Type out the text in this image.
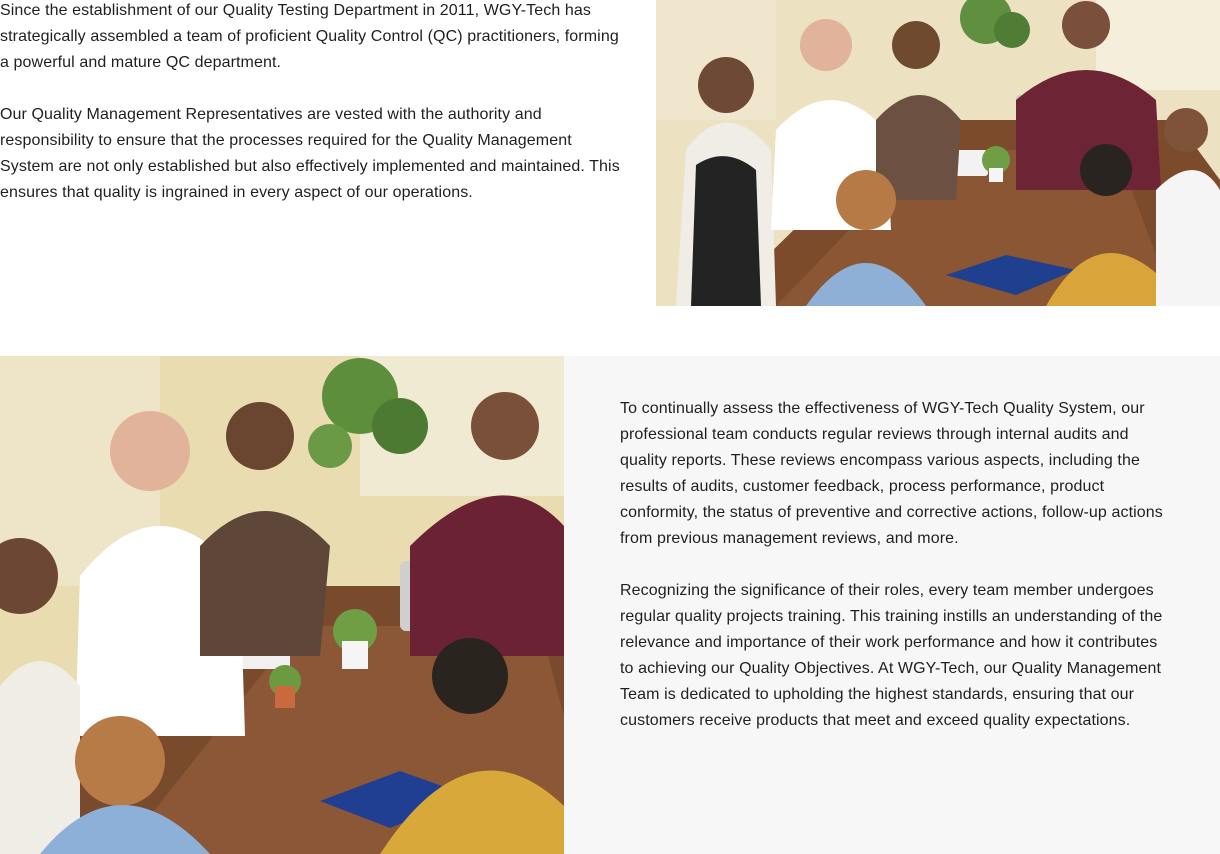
Since the establishment of our Quality Testing Department in 2011, WGY-Tech has strategically assembled a team of proficient Quality Control (QC) practitioners, forming a powerful and mature QC department.

Our Quality Management Representatives are vested with the authority and responsibility to ensure that the processes required for the Quality Management System are not only established but also effectively implemented and maintained. This ensures that quality is ingrained in every aspect of our operations.

To continually assess the effectiveness of WGY-Tech Quality System, our professional team conducts regular reviews through internal audits and quality reports. These reviews encompass various aspects, including the results of audits, customer feedback, process performance, product conformity, the status of preventive and corrective actions, follow-up actions from previous management reviews, and more.

Recognizing the significance of their roles, every team member undergoes regular quality projects training. This training instills an understanding of the relevance and importance of their work performance and how it contributes to achieving our Quality Objectives. At WGY-Tech, our Quality Management Team is dedicated to upholding the highest standards, ensuring that our customers receive products that meet and exceed quality expectations.
